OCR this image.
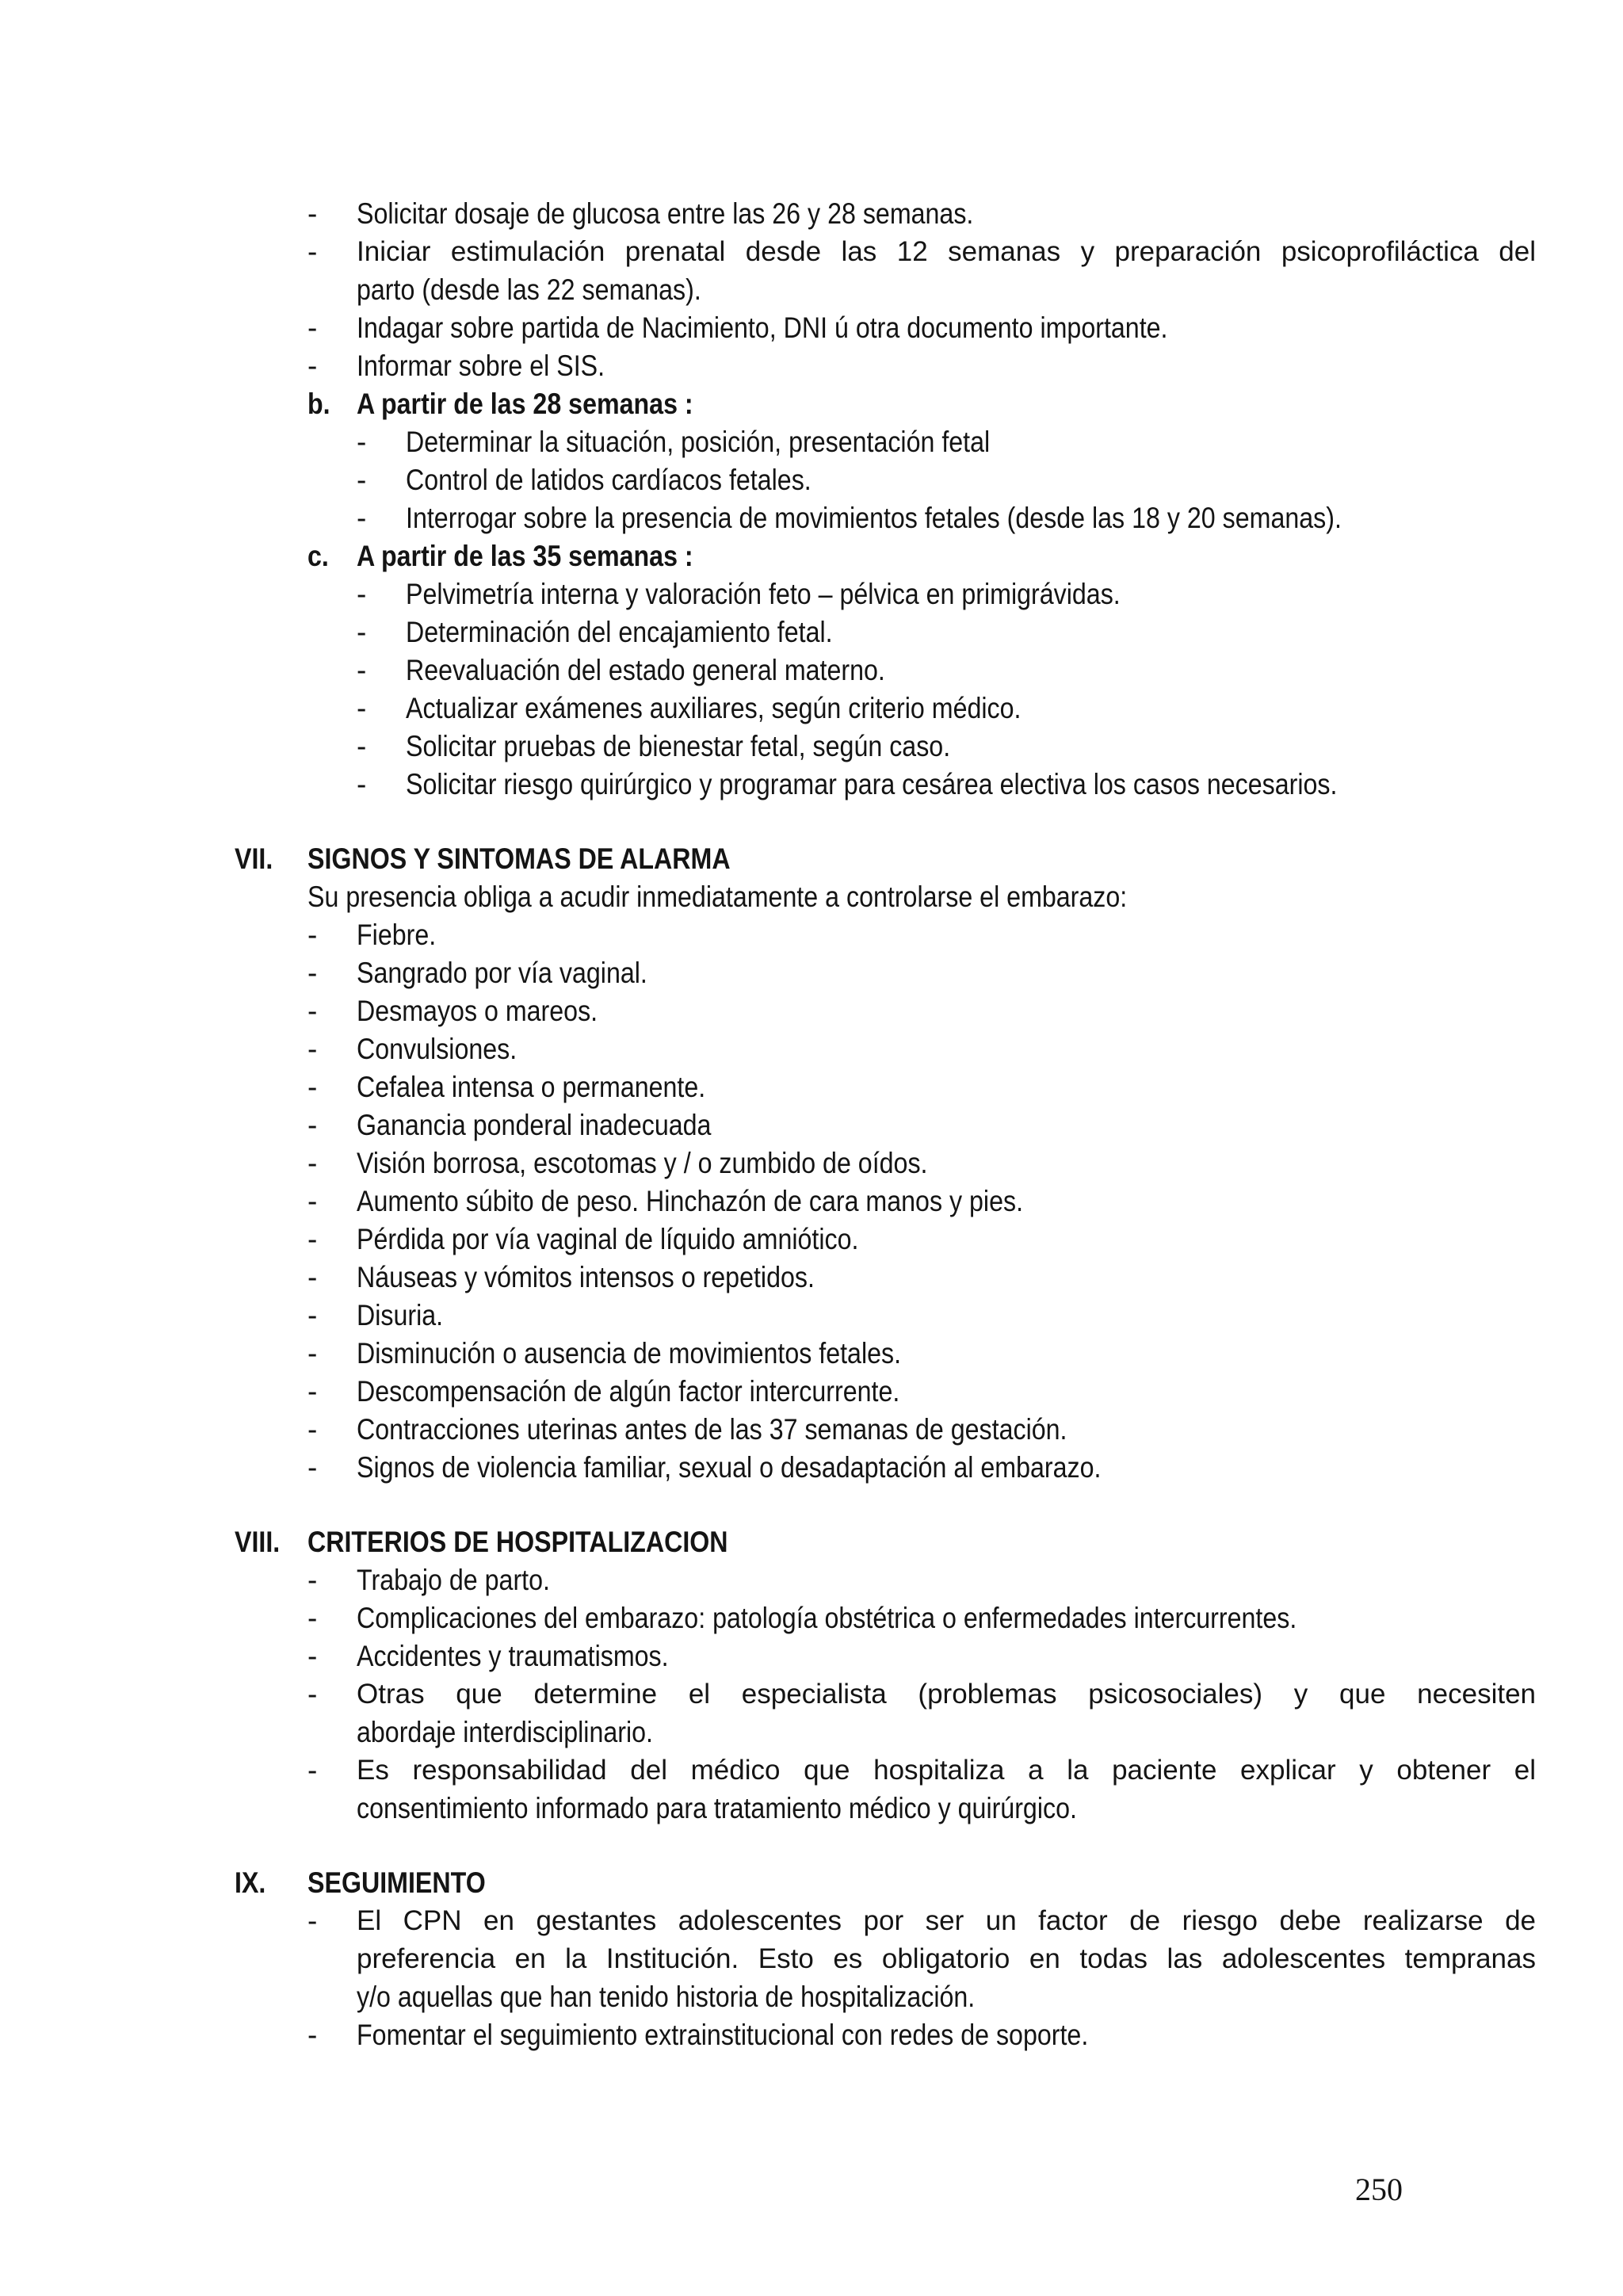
- Solicitar dosaje de glucosa entre las 26 y 28 semanas.
- Iniciar estimulación prenatal desde las 12 semanas y preparación psicoprofiláctica del
parto (desde las 22 semanas).
- Indagar sobre partida de Nacimiento, DNI ú otra documento importante.
- Informar sobre el SIS.
b. A partir de las 28 semanas :
- Determinar la situación, posición, presentación fetal
- Control de latidos cardíacos fetales.
- Interrogar sobre la presencia de movimientos fetales (desde las 18 y 20 semanas).
c. A partir de las 35 semanas :
- Pelvimetría interna y valoración feto – pélvica en primigrávidas.
- Determinación del encajamiento fetal.
- Reevaluación del estado general materno.
- Actualizar exámenes auxiliares, según criterio médico.
- Solicitar pruebas de bienestar fetal, según caso.
- Solicitar riesgo quirúrgico y programar para cesárea electiva los casos necesarios.
VII. SIGNOS Y SINTOMAS DE ALARMA
Su presencia obliga a acudir inmediatamente a controlarse el embarazo:
- Fiebre.
- Sangrado por vía vaginal.
- Desmayos o mareos.
- Convulsiones.
- Cefalea intensa o permanente.
- Ganancia ponderal inadecuada
- Visión borrosa, escotomas y / o zumbido de oídos.
- Aumento súbito de peso. Hinchazón de cara manos y pies.
- Pérdida por vía vaginal de líquido amniótico.
- Náuseas y vómitos intensos o repetidos.
- Disuria.
- Disminución o ausencia de movimientos fetales.
- Descompensación de algún factor intercurrente.
- Contracciones uterinas antes de las 37 semanas de gestación.
- Signos de violencia familiar, sexual o desadaptación al embarazo.
VIII. CRITERIOS DE HOSPITALIZACION
- Trabajo de parto.
- Complicaciones del embarazo: patología obstétrica o enfermedades intercurrentes.
- Accidentes y traumatismos.
- Otras que determine el especialista (problemas psicosociales) y que necesiten
abordaje interdisciplinario.
- Es responsabilidad del médico que hospitaliza a la paciente explicar y obtener el
consentimiento informado para tratamiento médico y quirúrgico.
IX. SEGUIMIENTO
- El CPN en gestantes adolescentes por ser un factor de riesgo debe realizarse de
preferencia en la Institución. Esto es obligatorio en todas las adolescentes tempranas
y/o aquellas que han tenido historia de hospitalización.
- Fomentar el seguimiento extrainstitucional con redes de soporte.
250
